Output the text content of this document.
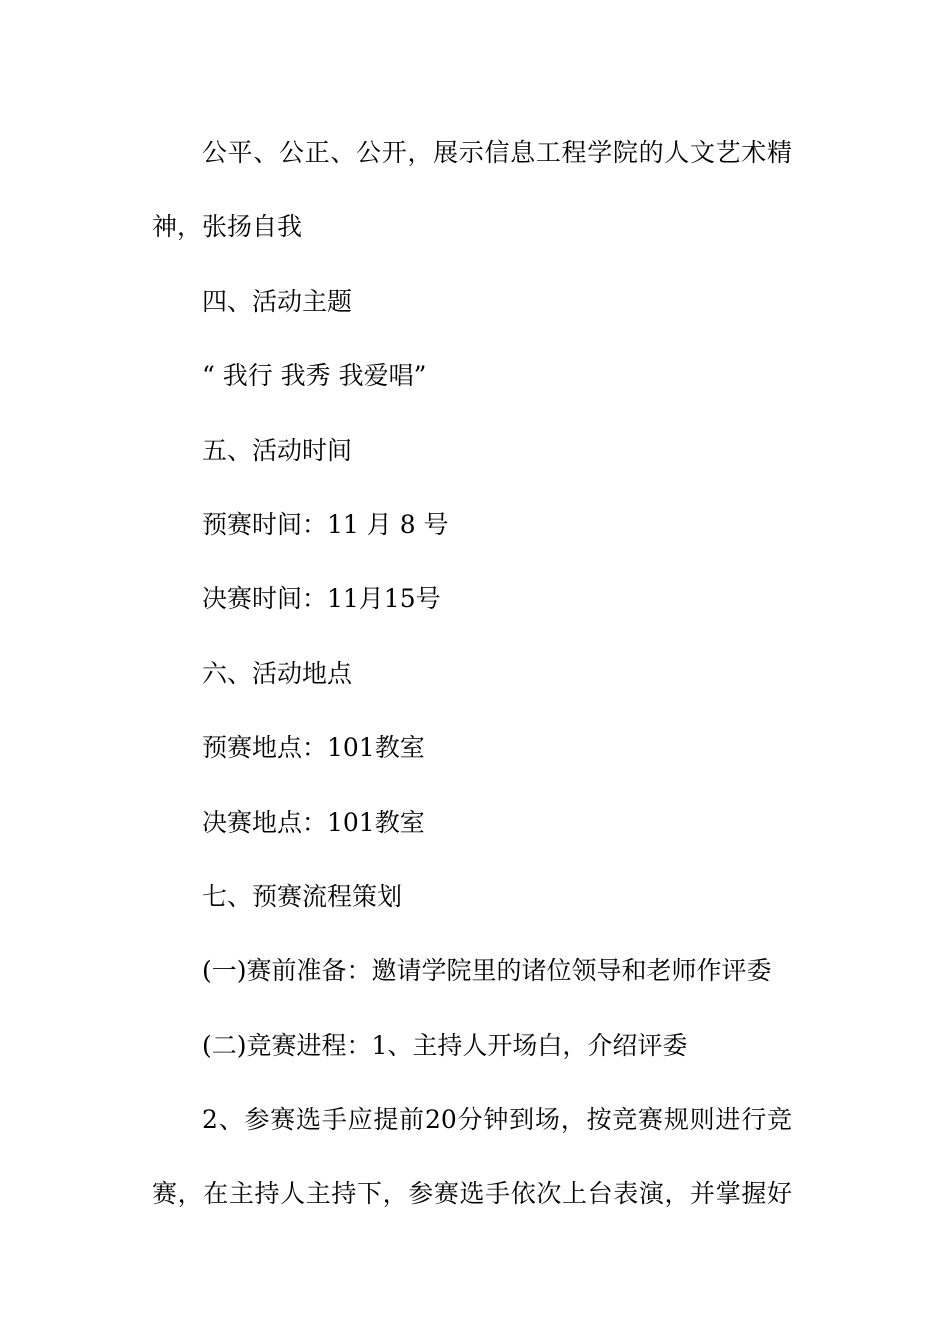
公平、公正、公开，展示信息工程学院的人文艺术精

神，张扬自我

四、活动主题

“ 我行 我秀 我爱唱”

五、活动时间

预赛时间：11 月 8 号

决赛时间：11月15号

六、活动地点

预赛地点：101教室

决赛地点：101教室

七、预赛流程策划

(一)赛前准备：邀请学院里的诸位领导和老师作评委

(二)竞赛进程：1、主持人开场白，介绍评委

2、参赛选手应提前20分钟到场，按竞赛规则进行竞

赛，在主持人主持下，参赛选手依次上台表演，并掌握好
